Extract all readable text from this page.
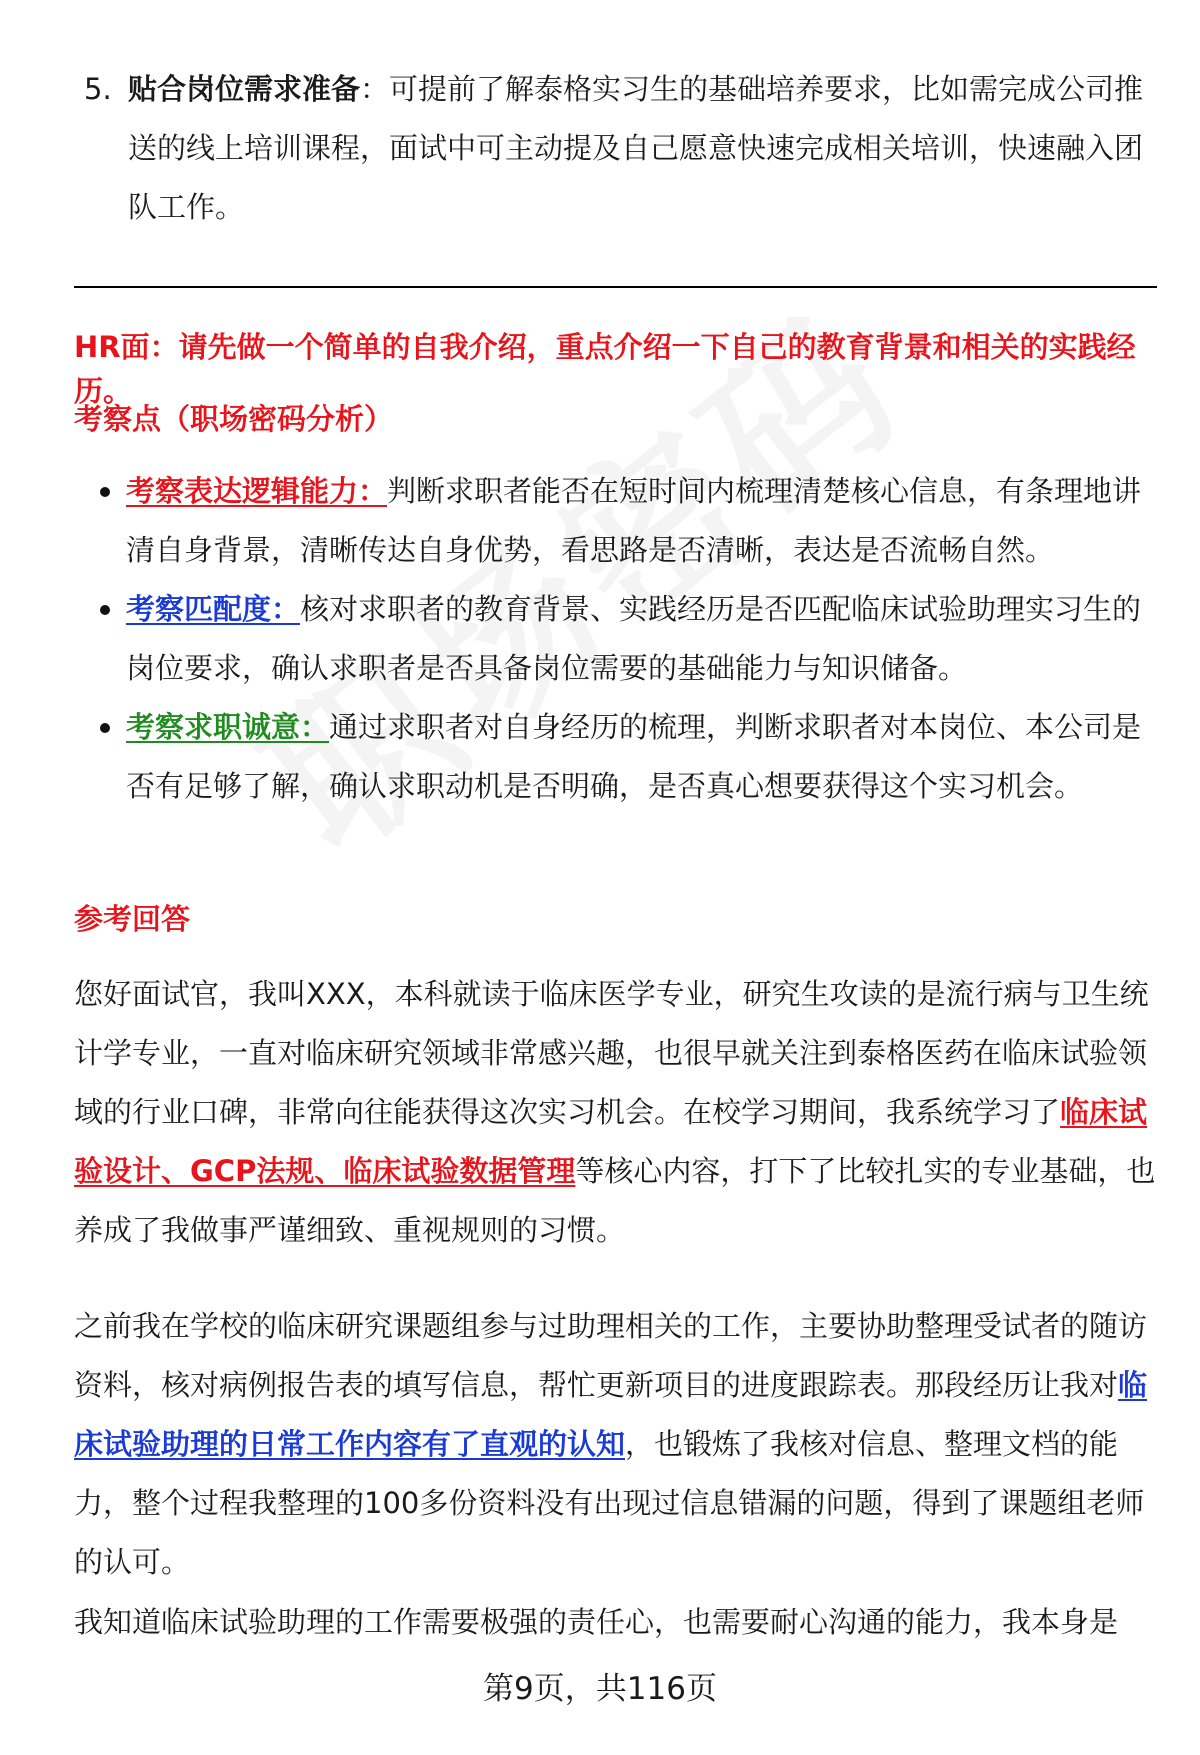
5. 贴合岗位需求准备：可提前了解泰格实习生的基础培养要求，比如需完成公司推送的线上培训课程，面试中可主动提及自己愿意快速完成相关培训，快速融入团队工作。
HR面：请先做一个简单的自我介绍，重点介绍一下自己的教育背景和相关的实践经历。
考察点（职场密码分析）
考察表达逻辑能力：判断求职者能否在短时间内梳理清楚核心信息，有条理地讲清自身背景，清晰传达自身优势，看思路是否清晰，表达是否流畅自然。
考察匹配度：核对求职者的教育背景、实践经历是否匹配临床试验助理实习生的岗位要求，确认求职者是否具备岗位需要的基础能力与知识储备。
考察求职诚意：通过求职者对自身经历的梳理，判断求职者对本岗位、本公司是否有足够了解，确认求职动机是否明确，是否真心想要获得这个实习机会。
参考回答
您好面试官，我叫XXX，本科就读于临床医学专业，研究生攻读的是流行病与卫生统计学专业，一直对临床研究领域非常感兴趣，也很早就关注到泰格医药在临床试验领域的行业口碑，非常向往能获得这次实习机会。在校学习期间，我系统学习了临床试验设计、GCP法规、临床试验数据管理等核心内容，打下了比较扎实的专业基础，也养成了我做事严谨细致、重视规则的习惯。
之前我在学校的临床研究课题组参与过助理相关的工作，主要协助整理受试者的随访资料，核对病例报告表的填写信息，帮忙更新项目的进度跟踪表。那段经历让我对临床试验助理的日常工作内容有了直观的认知，也锻炼了我核对信息、整理文档的能力，整个过程我整理的100多份资料没有出现过信息错漏的问题，得到了课题组老师的认可。
我知道临床试验助理的工作需要极强的责任心，也需要耐心沟通的能力，我本身是
第9页，共116页
